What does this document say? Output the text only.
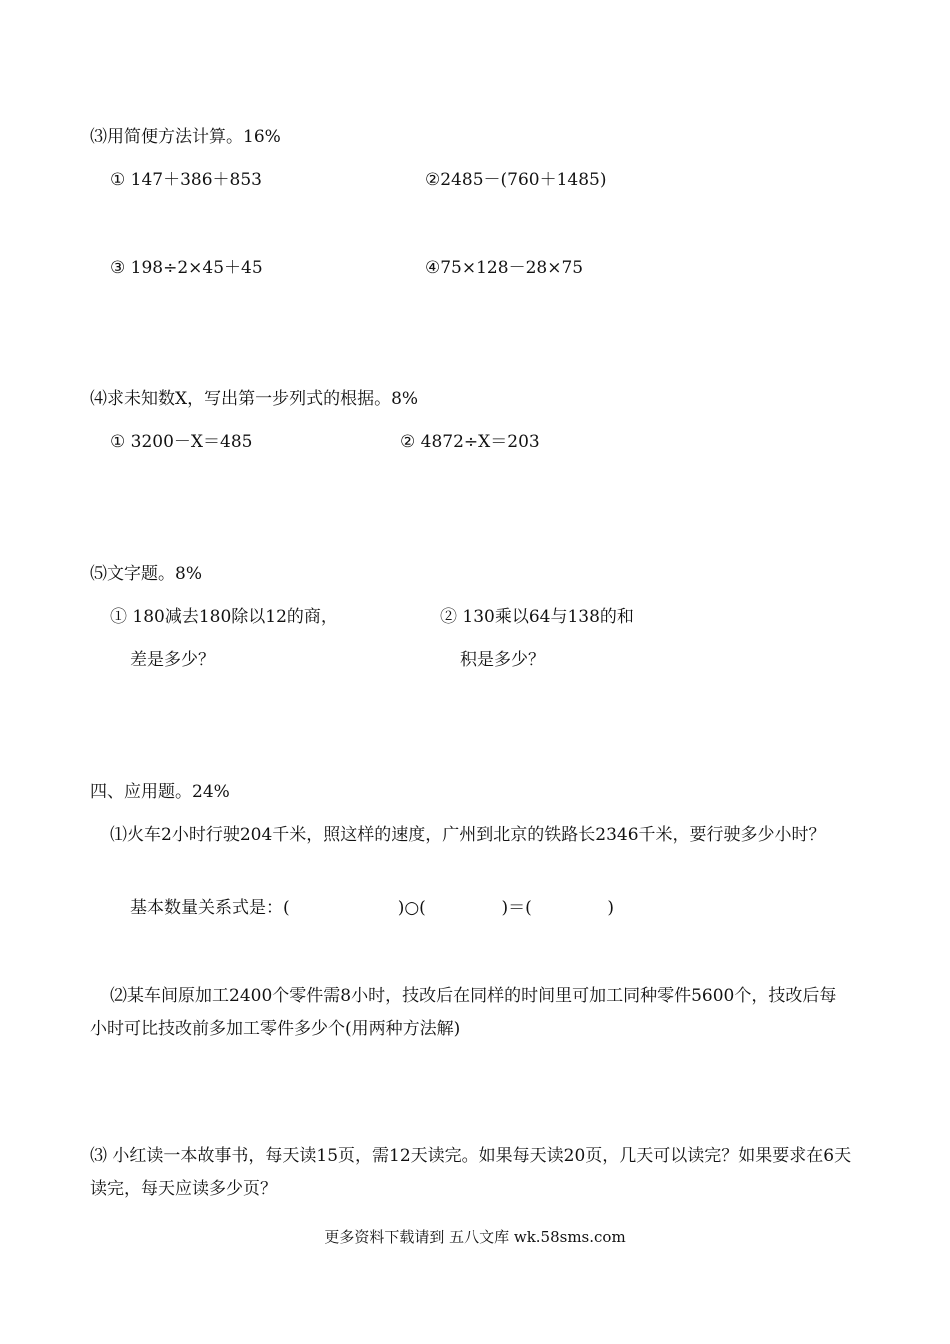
⑶用简便方法计算。16%
① 147＋386＋853	②2485－(760＋1485)
③ 198÷2×45＋45	④75×128－28×75
⑷求未知数X，写出第一步列式的根据。8%
① 3200－X＝485	② 4872÷X＝203
⑸文字题。8%
① 180减去180除以12的商，
差是多少？
② 130乘以64与138的和
积是多少？
四、应用题。24%
⑴火车2小时行驶204千米，照这样的速度，广州到北京的铁路长2346千米，要行驶多少小时？
基本数量关系式是：(                    )○(              )＝(              )
⑵某车间原加工2400个零件需8小时，技改后在同样的时间里可加工同种零件5600个，技改后每小时可比技改前多加工零件多少个(用两种方法解)
⑶ 小红读一本故事书，每天读15页，需12天读完。如果每天读20页，几天可以读完？如果要求在6天读完，每天应读多少页？
更多资料下载请到 五八文库 wk.58sms.com
